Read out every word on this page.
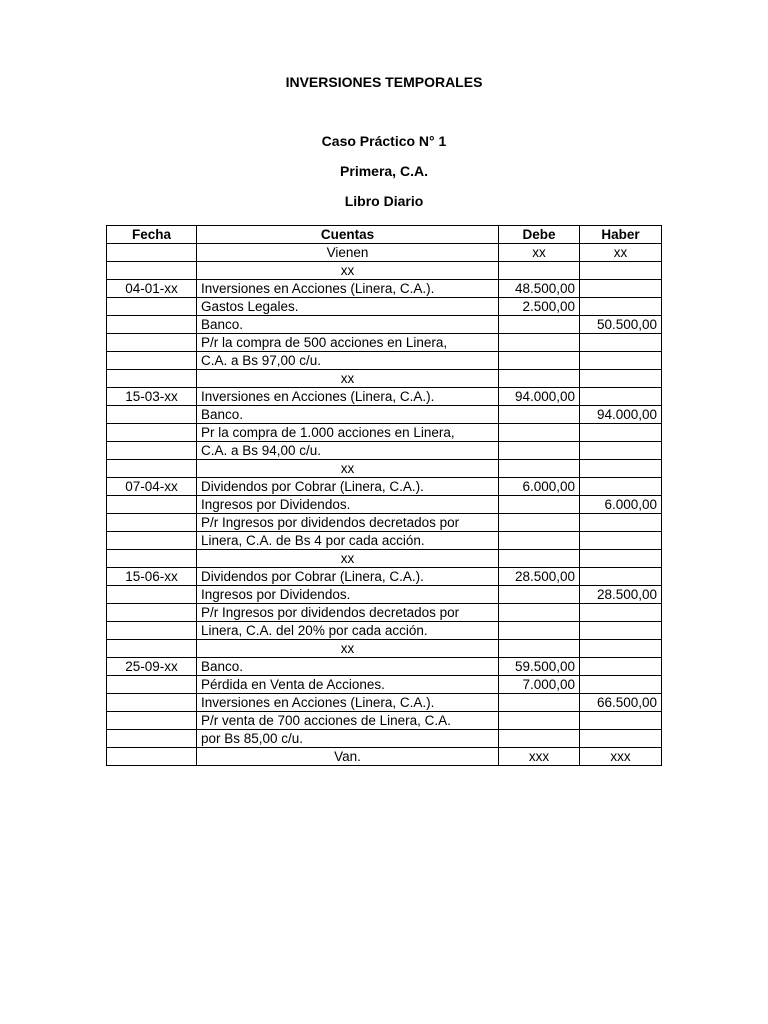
INVERSIONES TEMPORALES
Caso Práctico N° 1
Primera, C.A.
Libro Diario
Fecha	Cuentas	Debe	Haber
	Vienen	xx	xx
	xx		
04-01-xx	Inversiones en Acciones (Linera, C.A.).	48.500,00	
	Gastos Legales.	2.500,00	
	Banco.		50.500,00
	P/r la compra de 500 acciones en Linera,		
	C.A. a Bs 97,00 c/u.		
	xx		
15-03-xx	Inversiones en Acciones (Linera, C.A.).	94.000,00	
	Banco.		94.000,00
	Pr la compra de 1.000 acciones en Linera,		
	C.A. a Bs 94,00 c/u.		
	xx		
07-04-xx	Dividendos por Cobrar (Linera, C.A.).	6.000,00	
	Ingresos por Dividendos.		6.000,00
	P/r Ingresos por dividendos decretados por		
	Linera, C.A. de Bs 4 por cada acción.		
	xx		
15-06-xx	Dividendos por Cobrar (Linera, C.A.).	28.500,00	
	Ingresos por Dividendos.		28.500,00
	P/r Ingresos por dividendos decretados por		
	Linera, C.A. del 20% por cada acción.		
	xx		
25-09-xx	Banco.	59.500,00	
	Pérdida en Venta de Acciones.	7.000,00	
	Inversiones en Acciones (Linera, C.A.).		66.500,00
	P/r venta de 700 acciones de Linera, C.A.		
	por Bs 85,00 c/u.		
	Van.	xxx	xxx
